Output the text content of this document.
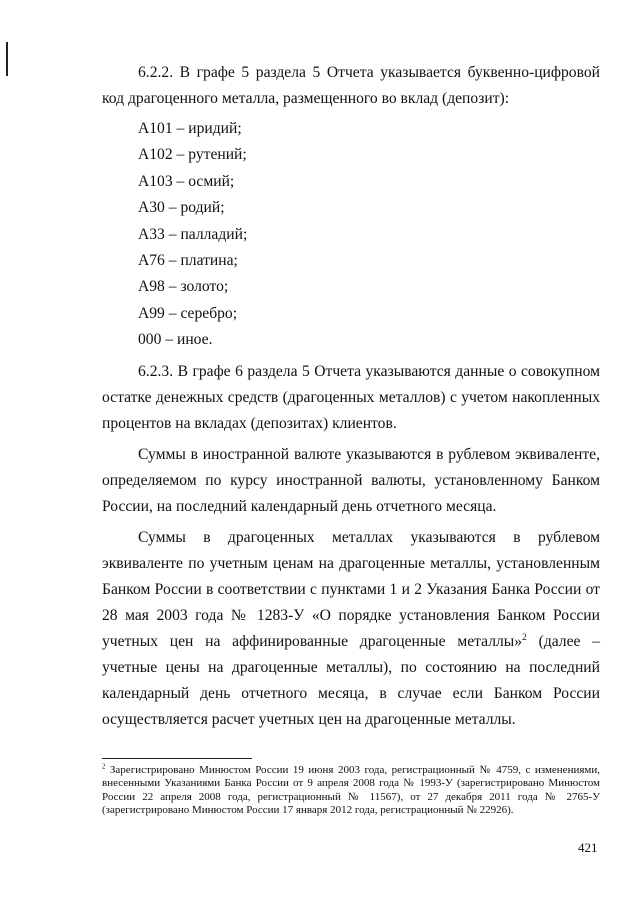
6.2.2. В графе 5 раздела 5 Отчета указывается буквенно-цифровой код драгоценного металла, размещенного во вклад (депозит):

A101 – иридий;

A102 – рутений;

A103 – осмий;

A30 – родий;

A33 – палладий;

A76 – платина;

A98 – золото;

A99 – серебро;

000 – иное.

6.2.3. В графе 6 раздела 5 Отчета указываются данные о совокупном остатке денежных средств (драгоценных металлов) с учетом накопленных процентов на вкладах (депозитах) клиентов.

Суммы в иностранной валюте указываются в рублевом эквиваленте, определяемом по курсу иностранной валюты, установленному Банком России, на последний календарный день отчетного месяца.

Суммы в драгоценных металлах указываются в рублевом эквиваленте по учетным ценам на драгоценные металлы, установленным Банком России в соответствии с пунктами 1 и 2 Указания Банка России от 28 мая 2003 года № 1283-У «О порядке установления Банком России учетных цен на аффинированные драгоценные металлы»$^2$ (далее – учетные цены на драгоценные металлы), по состоянию на последний календарный день отчетного месяца, в случае если Банком России осуществляется расчет учетных цен на драгоценные металлы.

$^2$ Зарегистрировано Минюстом России 19 июня 2003 года, регистрационный № 4759, с изменениями, внесенными Указаниями Банка России от 9 апреля 2008 года № 1993-У (зарегистрировано Минюстом России 22 апреля 2008 года, регистрационный № 11567), от 27 декабря 2011 года № 2765-У (зарегистрировано Минюстом России 17 января 2012 года, регистрационный № 22926).
421
